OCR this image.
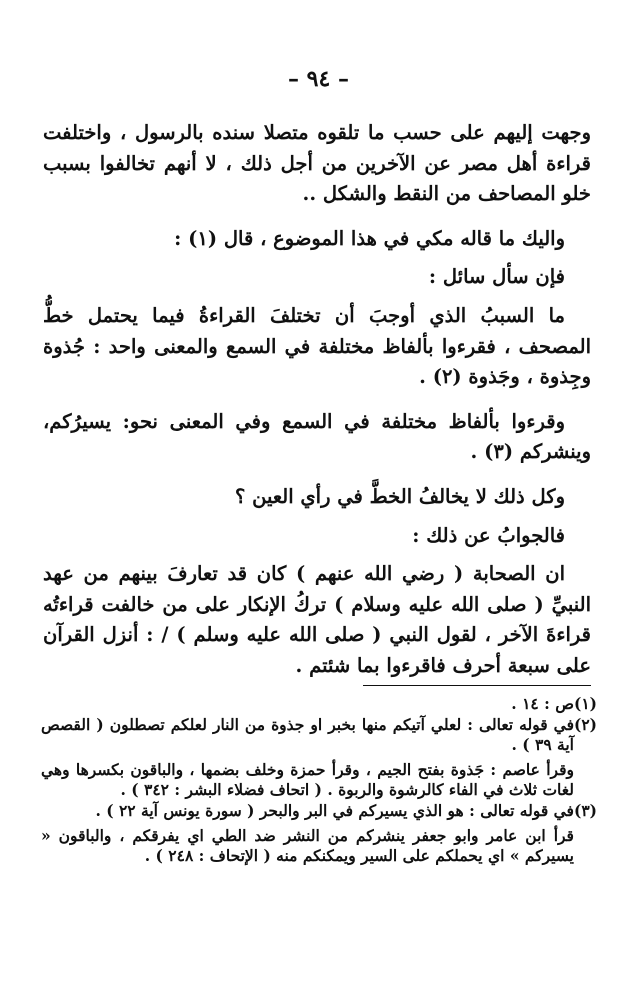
– ٩٤ –

وجهت إليهم على حسب ما تلقوه متصلا سنده بالرسول ، واختلفت قراءة أهل مصر عن الآخرين من أجل ذلك ، لا أنهم تخالفوا بسبب خلو المصاحف من النقط والشكل ..

واليك ما قاله مكي في هذا الموضوع ، قال (١) :

فإن سأل سائل :

ما السببُ الذي أوجبَ أن تختلفَ القراءةُ فيما يحتمل خطُّ المصحف ، فقرءوا بألفاظ مختلفة في السمع والمعنى واحد : جُذوة وجِذوة ، وجَذوة (٢) .

وقرءوا بألفاظ مختلفة في السمع وفي المعنى نحو: يسيرُكم، وينشركم (٣) .

وكل ذلك لا يخالفُ الخطَّ في رأي العين ؟

فالجوابُ عن ذلك :

ان الصحابة ( رضي الله عنهم ) كان قد تعارفَ بينهم من عهد النبيِّ ( صلى الله عليه وسلام ) تركُ الإنكار على من خالفت قراءتُه قراءةَ الآخر ، لقول النبي ( صلى الله عليه وسلم ) / : أنزل القرآن على سبعة أحرف فاقرءوا بما شئتم .

(١)

ص : ١٤ .

(٢)

في قوله تعالى : لعلي آتيكم منها بخبر او جذوة من النار لعلكم تصطلون ( القصص آية ٣٩ ) .

وقرأ عاصم : جَذوة بفتح الجيم ، وقرأ حمزة وخلف بضمها ، والباقون بكسرها وهي لغات ثلاث في الفاء كالرشوة والربوة . ( اتحاف فضلاء البشر : ٣٤٢ ) .

(٣)

في قوله تعالى : هو الذي يسيركم في البر والبحر ( سورة يونس آية ٢٢ ) .

قرأ ابن عامر وابو جعفر ينشركم من النشر ضد الطي اي يفرقكم ، والباقون « يسيركم » اي يحملكم على السير ويمكنكم منه ( الإتحاف : ٢٤٨ ) .
